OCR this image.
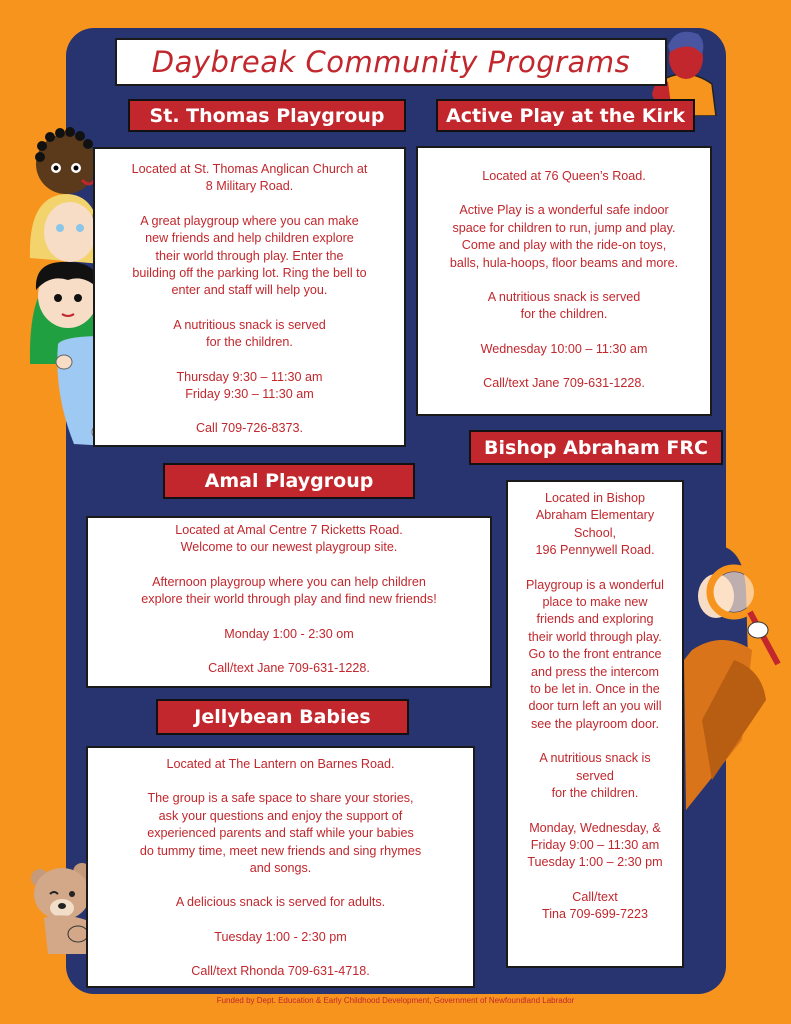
Daybreak Community Programs
St. Thomas Playgroup

Located at St. Thomas Anglican Church at

8 Military Road.

A great playgroup where you can make

new friends and help children explore

their world through play. Enter the

building off the parking lot. Ring the bell to

enter and staff will help you.

A nutritious snack is served

for the children.

Thursday 9:30 – 11:30 am

Friday 9:30 – 11:30 am

Call 709-726-8373.

Active Play at the Kirk

Located at 76 Queen’s Road.

Active Play is a wonderful safe indoor

space for children to run, jump and play.

Come and play with the ride-on toys,

balls, hula-hoops, floor beams and more.

A nutritious snack is served

for the children.

Wednesday 10:00 – 11:30 am

Call/text Jane 709-631-1228.

Bishop Abraham FRC

Located in Bishop

Abraham Elementary

School,

196 Pennywell Road.

Playgroup is a wonderful

place to make new

friends and exploring

their world through play.

Go to the front entrance

and press the intercom

to be let in. Once in the

door turn left an you will

see the playroom door.

A nutritious snack is

served

for the children.

Monday, Wednesday, &

Friday 9:00 – 11:30 am

Tuesday 1:00 – 2:30 pm

Call/text

Tina 709-699-7223

Amal Playgroup

Located at Amal Centre 7 Ricketts Road.

Welcome to our newest playgroup site.

Afternoon playgroup where you can help children

explore their world through play and find new friends!

Monday 1:00 - 2:30 om

Call/text Jane 709-631-1228.

Jellybean Babies

Located at The Lantern on Barnes Road.

The group is a safe space to share your stories,

ask your questions and enjoy the support of

experienced parents and staff while your babies

do tummy time, meet new friends and sing rhymes

and songs.

A delicious snack is served for adults.

Tuesday 1:00 - 2:30 pm

Call/text Rhonda 709-631-4718.

Funded by Dept. Education & Early Childhood Development, Government of Newfoundland Labrador
